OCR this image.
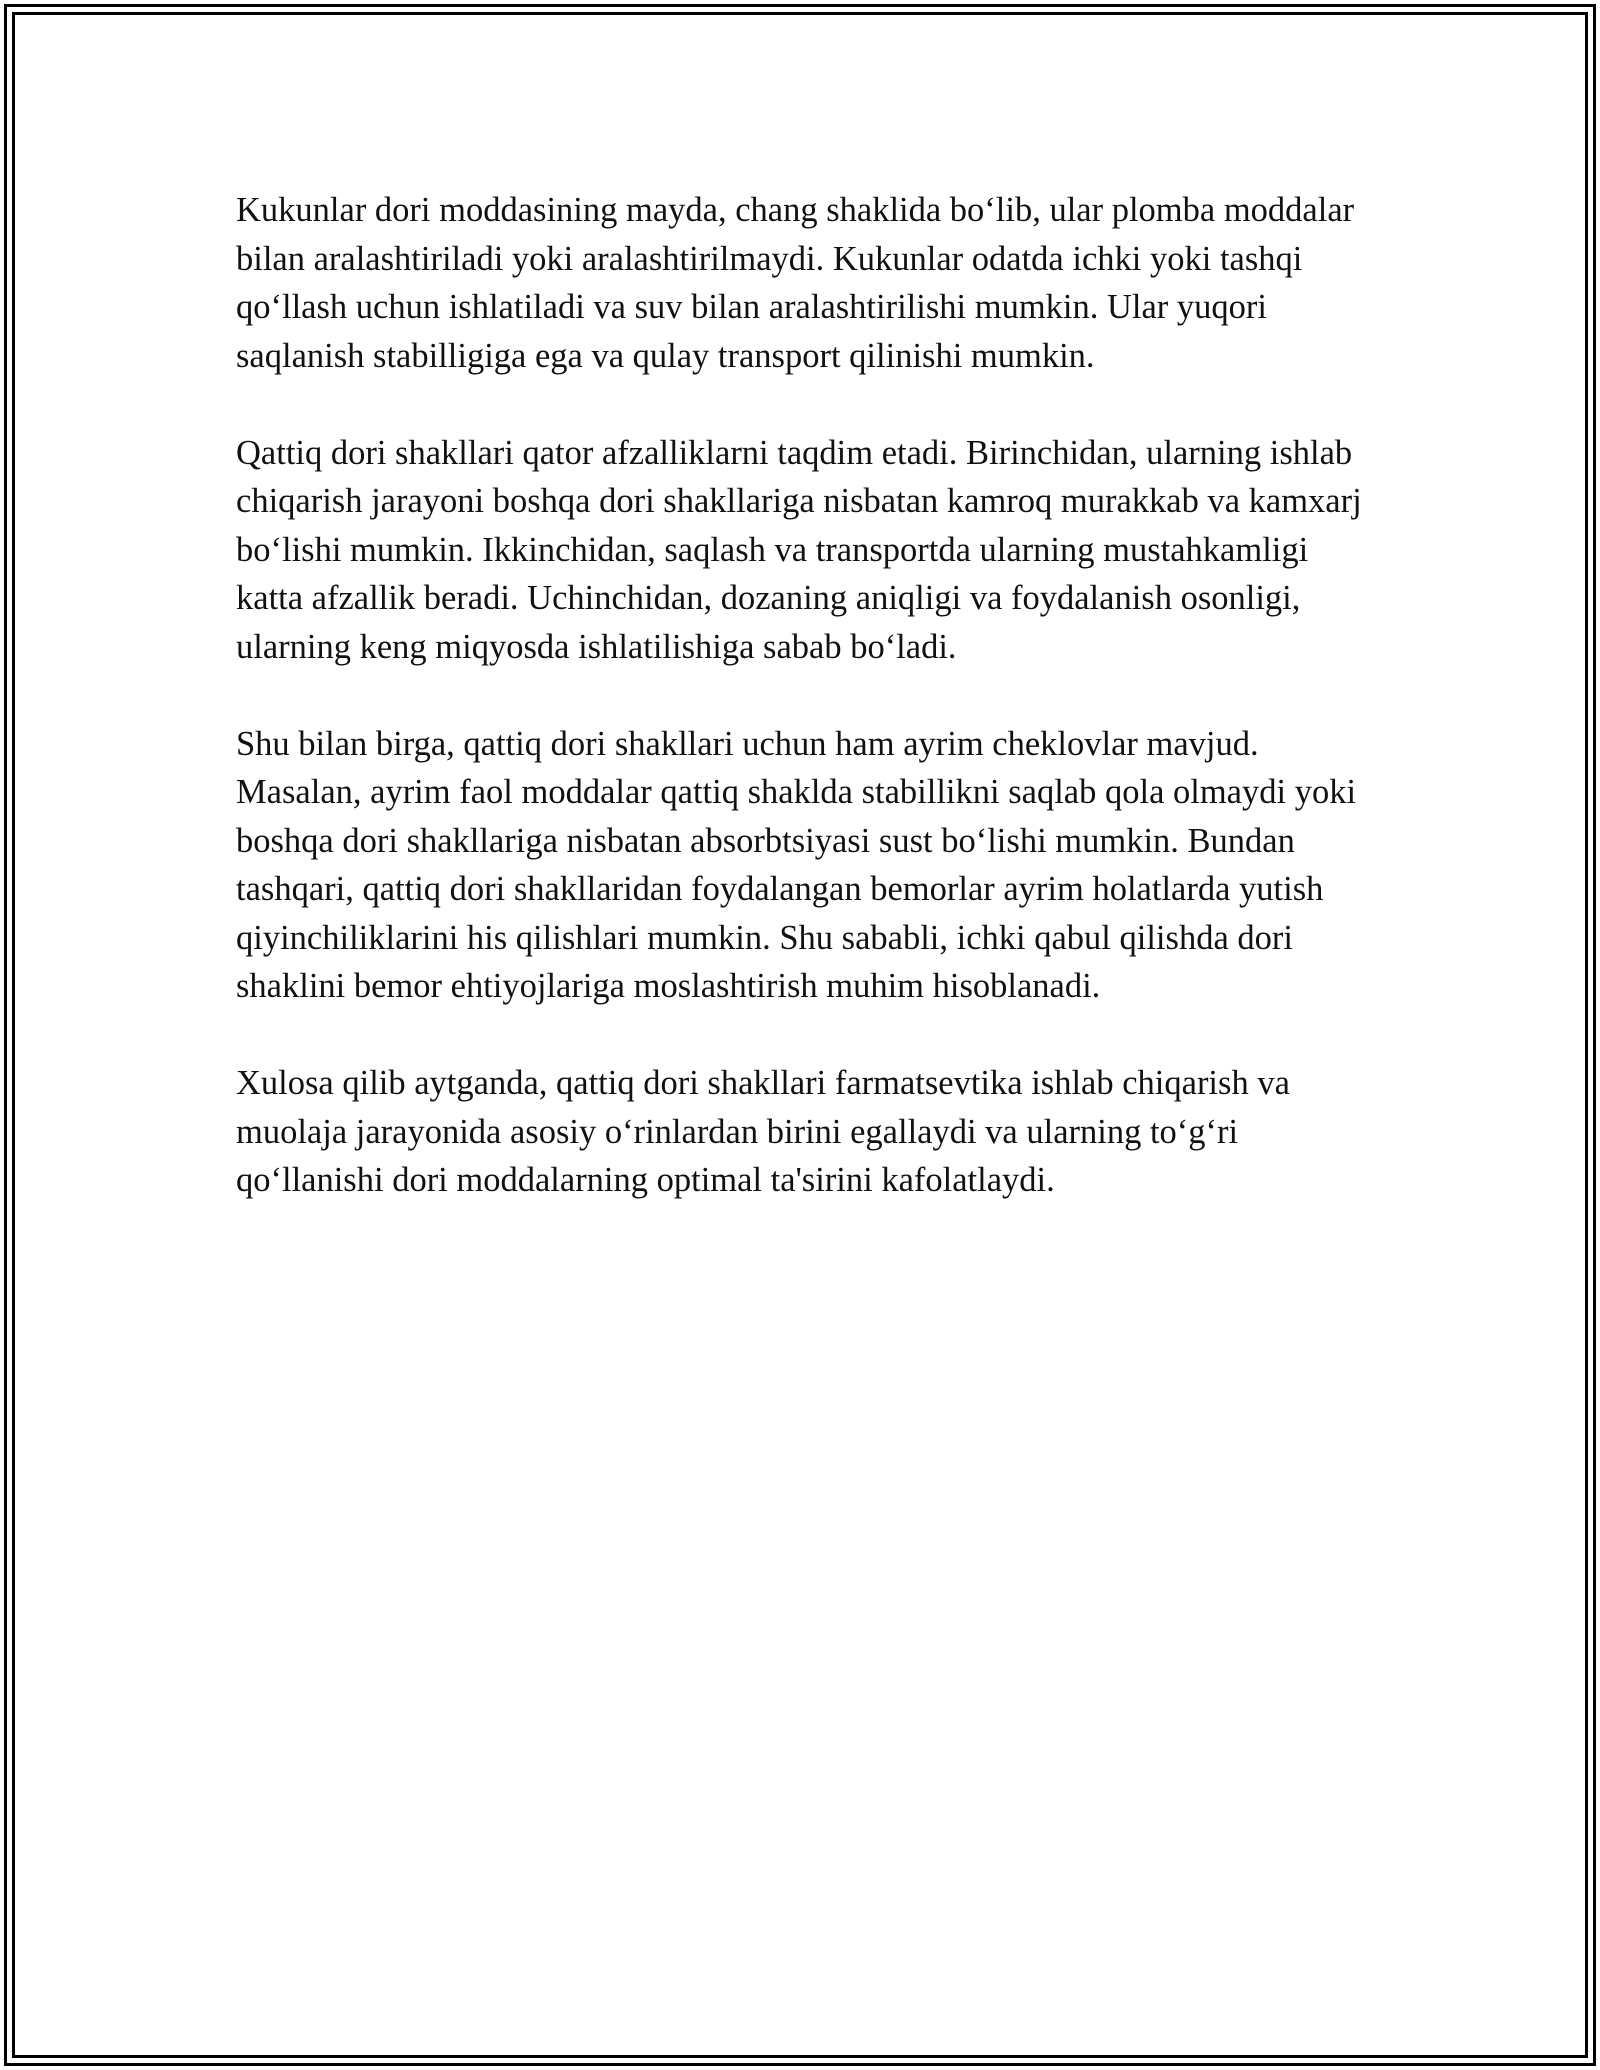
Kukunlar dori moddasining mayda, chang shaklida bo‘lib, ular plomba moddalar bilan aralashtiriladi yoki aralashtirilmaydi. Kukunlar odatda ichki yoki tashqi qo‘llash uchun ishlatiladi va suv bilan aralashtirilishi mumkin. Ular yuqori saqlanish stabilligiga ega va qulay transport qilinishi mumkin.

Qattiq dori shakllari qator afzalliklarni taqdim etadi. Birinchidan, ularning ishlab chiqarish jarayoni boshqa dori shakllariga nisbatan kamroq murakkab va kamxarj bo‘lishi mumkin. Ikkinchidan, saqlash va transportda ularning mustahkamligi katta afzallik beradi. Uchinchidan, dozaning aniqligi va foydalanish osonligi, ularning keng miqyosda ishlatilishiga sabab bo‘ladi.

Shu bilan birga, qattiq dori shakllari uchun ham ayrim cheklovlar mavjud. Masalan, ayrim faol moddalar qattiq shaklda stabillikni saqlab qola olmaydi yoki boshqa dori shakllariga nisbatan absorbtsiyasi sust bo‘lishi mumkin. Bundan tashqari, qattiq dori shakllaridan foydalangan bemorlar ayrim holatlarda yutish qiyinchiliklarini his qilishlari mumkin. Shu sababli, ichki qabul qilishda dori shaklini bemor ehtiyojlariga moslashtirish muhim hisoblanadi.

Xulosa qilib aytganda, qattiq dori shakllari farmatsevtika ishlab chiqarish va muolaja jarayonida asosiy o‘rinlardan birini egallaydi va ularning to‘g‘ri qo‘llanishi dori moddalarning optimal ta'sirini kafolatlaydi.
